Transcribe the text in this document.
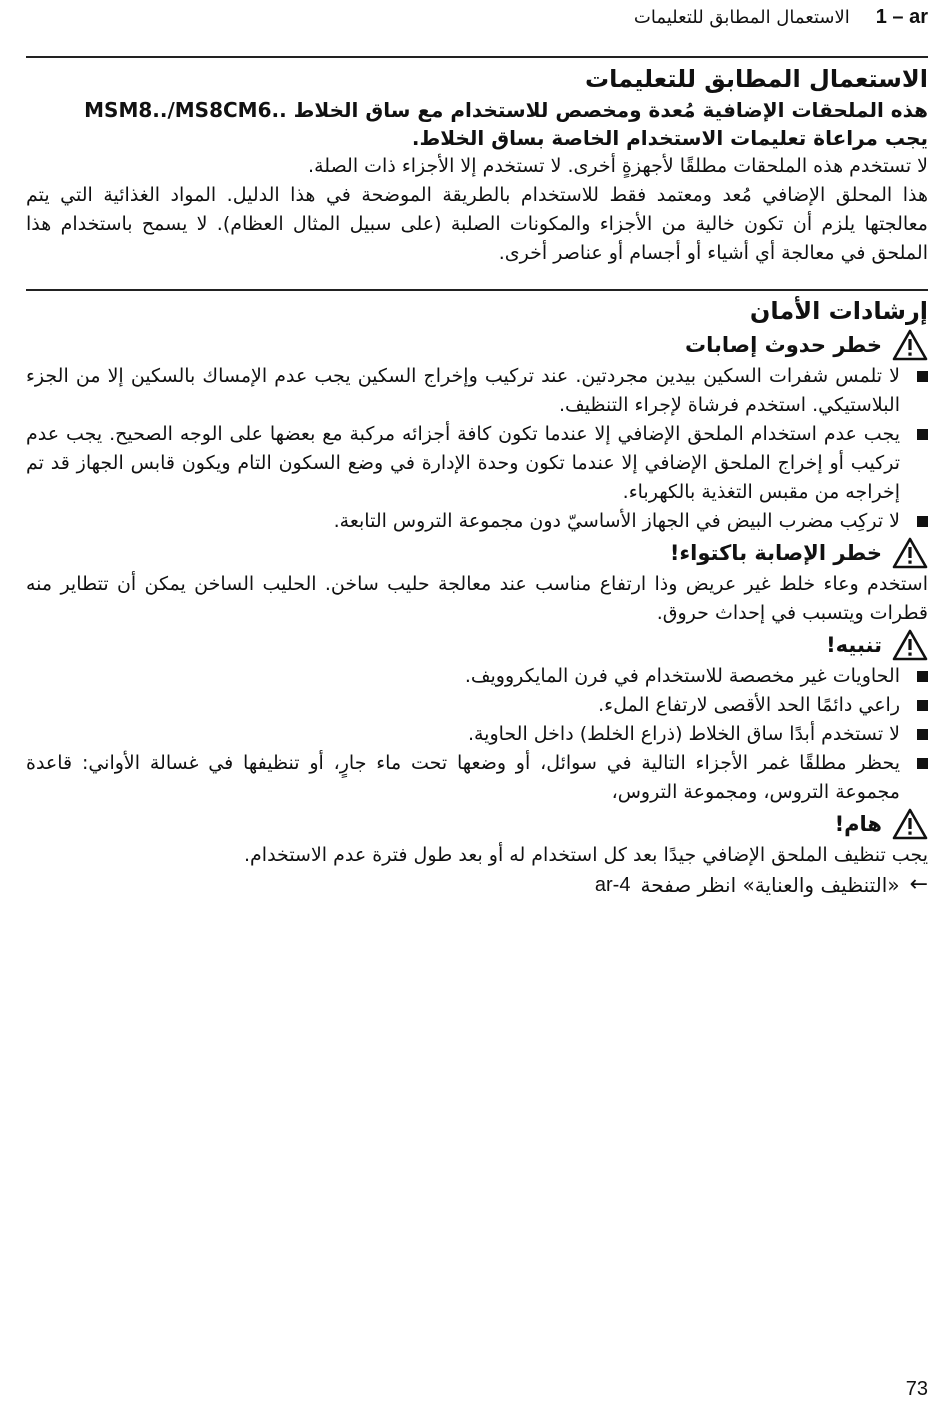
1 – ar
الاستعمال المطابق للتعليمات
الاستعمال المطابق للتعليمات

هذه الملحقات الإضافية مُعدة ومخصص للاستخدام مع ساق الخلاط ..MSM8../MS8CM6

يجب مراعاة تعليمات الاستخدام الخاصة بساق الخلاط.

لا تستخدم هذه الملحقات مطلقًا لأجهزةٍ أخرى. لا تستخدم إلا الأجزاء ذات الصلة.

هذا المحلق الإضافي مُعد ومعتمد فقط للاستخدام بالطريقة الموضحة في هذا الدليل. المواد الغذائية التي يتم معالجتها يلزم أن تكون خالية من الأجزاء والمكونات الصلبة (على سبيل المثال العظام). لا يسمح باستخدام هذا الملحق في معالجة أي أشياء أو أجسام أو عناصر أخرى.

إرشادات الأمان
خطر حدوث إصابات
لا تلمس شفرات السكين بيدين مجردتين. عند تركيب وإخراج السكين يجب عدم الإمساك بالسكين إلا من الجزء البلاستيكي. استخدم فرشاة لإجراء التنظيف.
يجب عدم استخدام الملحق الإضافي إلا عندما تكون كافة أجزائه مركبة مع بعضها على الوجه الصحيح. يجب عدم تركيب أو إخراج الملحق الإضافي إلا عندما تكون وحدة الإدارة في وضع السكون التام ويكون قابس الجهاز قد تم إخراجه من مقبس التغذية بالكهرباء.
لا تركِب مضرب البيض في الجهاز الأساسيّ دون مجموعة التروس التابعة.
خطر الإصابة باكتواء!

استخدم وعاء خلط غير عريض وذا ارتفاع مناسب عند معالجة حليب ساخن. الحليب الساخن يمكن أن تتطاير منه قطرات ويتسبب في إحداث حروق.

تنبيه!
الحاويات غير مخصصة للاستخدام في فرن المايكروويف.
راعي دائمًا الحد الأقصى لارتفاع الملء.
لا تستخدم أبدًا ساق الخلاط (ذراع الخلط) داخل الحاوية.
يحظر مطلقًا غمر الأجزاء التالية في سوائل، أو وضعها تحت ماء جارٍ، أو تنظيفها في غسالة الأواني: قاعدة مجموعة التروس، ومجموعة التروس،
هام!

يجب تنظيف الملحق الإضافي جيدًا بعد كل استخدام له أو بعد طول فترة عدم الاستخدام.

←
«التنظيف والعناية» انظر صفحة
ar-4
73
